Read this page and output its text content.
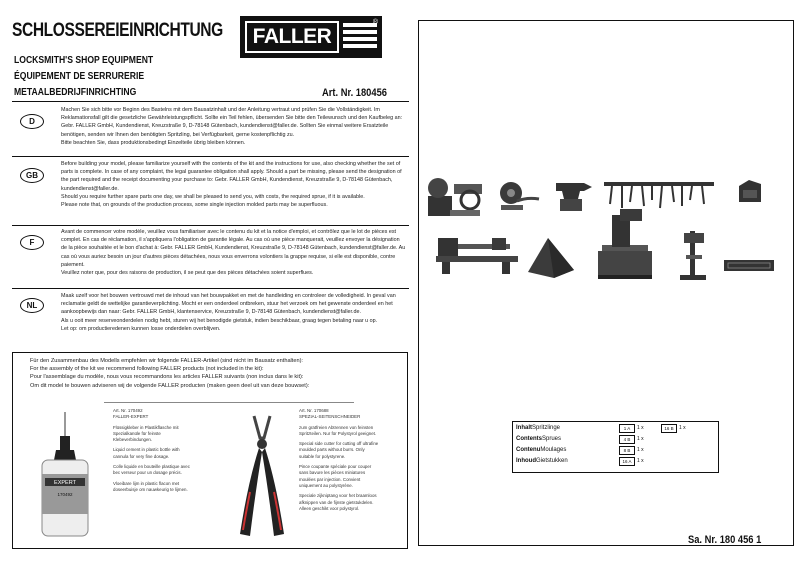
SCHLOSSEREIEINRICHTUNG
LOCKSMITH'S SHOP EQUIPMENT
ÉQUIPEMENT DE SERRURERIE
METAALBEDRIJFINRICHTING	Art. Nr. 180456
FALLER
®
D

Machen Sie sich bitte vor Beginn des Bastelns mit dem Bausatzinhalt und der Anleitung vertraut und prüfen Sie die Vollständigkeit. Im Reklamationsfall gilt die gesetzliche Gewährleistungspflicht. Sollte ein Teil fehlen, übersenden Sie bitte den Teilewunsch und den Kaufbeleg an: Gebr. FALLER GmbH, Kundendienst, Kreuzstraße 9, D-78148 Gütenbach, kundendienst@faller.de. Sollten Sie einmal weitere Ersatzteile benötigen, senden wir Ihnen den benötigten Spritzling, bei Verfügbarkeit, gerne kostenpflichtig zu.

Bitte beachten Sie, dass produktionsbedingt Einzelteile übrig bleiben können.

GB

Before building your model, please familiarize yourself with the contents of the kit and the instructions for use, also checking whether the set of parts is complete. In case of any complaint, the legal guarantee obligation shall apply. Should a part be missing, please send the designation of the part required and the receipt documenting your purchase to: Gebr. FALLER GmbH, Kundendienst, Kreuzstraße 9, D-78148 Gütenbach, kundendienst@faller.de.

Should you require further spare parts one day, we shall be pleased to send you, with costs, the required sprue, if it is available.

Please note that, on grounds of the production process, some single injection molded parts may be superfluous.

F

Avant de commencer votre modèle, veuillez vous familiariser avec le contenu du kit et la notice d'emploi, et contrôlez que le lot de pièces est complet. En cas de réclamation, il s'appliquera l'obligation de garantie légale. Au cas où une pièce manquerait, veuillez envoyer la désignation de la pièce souhaitée et le bon d'achat à: Gebr. FALLER GmbH, Kundendienst, Kreuzstraße 9, D-78148 Gütenbach, kundendienst@faller.de. Au cas où vous auriez besoin un jour d'autres pièces détachées, nous vous enverrons volontiers la grappe requise, si elle est disponible, contre paiement.

Veuillez noter que, pour des raisons de production, il se peut que des pièces détachées soient superflues.

NL

Maak uzelf voor het bouwen vertrouwd met de inhoud van het bouwpakket en met de handleiding en controleer de volledigheid. In geval van reclamatie geldt de wettelijke garantieverplichting. Mocht er een onderdeel ontbreken, stuur het verzoek om het gewenste onderdeel en het aankoopbewijs dan naar: Gebr. FALLER GmbH, klantenservice, Kreuzstraße 9, D-78148 Gütenbach, kundendienst@faller.de.

Als u ooit meer reserveonderdelen nodig hebt, sturen wij het benodigde gietstuk, indien beschikbaar, graag tegen betaling naar u op.

Let op: om productieredenen kunnen losse onderdelen overblijven.

Für den Zusammenbau des Modells empfehlen wir folgende FALLER-Artikel (sind nicht im Bausatz enthalten):

For the assembly of the kit we recommend following FALLER products (not included in the kit):

Pour l'assemblage du modèle, nous vous recommandons les articles FALLER suivants (non inclus dans le kit):

Om dit model te bouwen adviseren wij de volgende FALLER producten (maken geen deel uit van deze bouwset):

EXPERT
170492

Art. Nr. 170492

FALLER-EXPERT

Flüssigkleber in Plastikflasche mit Spezialkanüle für feinste Klebeverbindungen.

Liquid cement in plastic bottle with cannula for very fine dosage.

Colle liquide en bouteille plastique avec bec verseur pour un dosage précis.

Vloeibare lijm in plastic flacon met doseerbuisje om nauwkeurig te lijmen.

Art. Nr. 170688

SPEZIAL-SEITENSCHNEIDER

zum gratfreien Abtrennen von feinsten Spritzteilen. Nur für Polystyrol geeignet.

Special side cutter for cutting off ultrafine moulded parts without burrs. Only suitable for polystyrene.

Pince coupante spéciale pour couper sans bavure les pièces miniatures moulées par injection. Convient uniquement au polystyrène.

Speciale zijkniptang voor het braamloos afknippen van de fijnste gietstukdelen. Alleen geschikt voor polystyrol.

InhaltSpritzlinge	1 A	1 x	16 B	1 x
ContentsSprues	4 B	1 x
ContenuMoulages	8 B	1 x
InhoudGietstukken	16 A	1 x
Sa. Nr. 180 456 1
